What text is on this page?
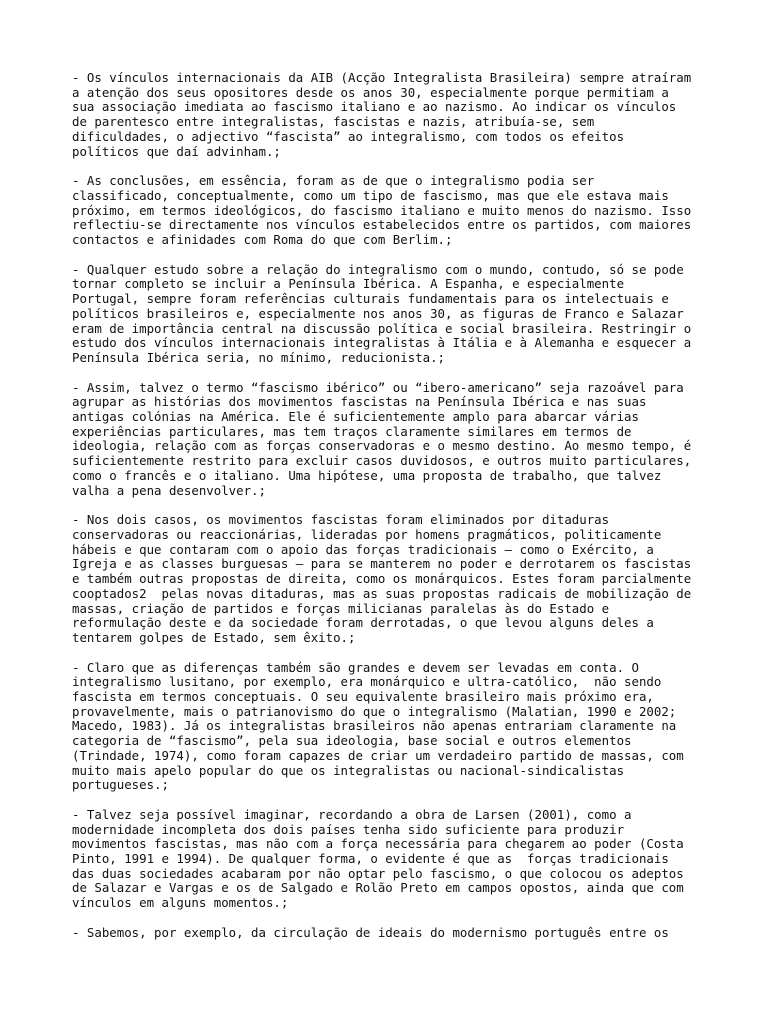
- Os vínculos internacionais da AIB (Acção Integralista Brasileira) sempre atraíram
a atenção dos seus opositores desde os anos 30, especialmente porque permitiam a
sua associação imediata ao fascismo italiano e ao nazismo. Ao indicar os vínculos
de parentesco entre integralistas, fascistas e nazis, atribuía-se, sem
dificuldades, o adjectivo “fascista” ao integralismo, com todos os efeitos
políticos que daí advinham.;

- As conclusões, em essência, foram as de que o integralismo podia ser
classificado, conceptualmente, como um tipo de fascismo, mas que ele estava mais
próximo, em termos ideológicos, do fascismo italiano e muito menos do nazismo. Isso
reflectiu-se directamente nos vínculos estabelecidos entre os partidos, com maiores
contactos e afinidades com Roma do que com Berlim.;

- Qualquer estudo sobre a relação do integralismo com o mundo, contudo, só se pode
tornar completo se incluir a Península Ibérica. A Espanha, e especialmente
Portugal, sempre foram referências culturais fundamentais para os intelectuais e
políticos brasileiros e, especialmente nos anos 30, as figuras de Franco e Salazar
eram de importância central na discussão política e social brasileira. Restringir o
estudo dos vínculos internacionais integralistas à Itália e à Alemanha e esquecer a
Península Ibérica seria, no mínimo, reducionista.;

- Assim, talvez o termo “fascismo ibérico” ou “ibero-americano” seja razoável para
agrupar as histórias dos movimentos fascistas na Península Ibérica e nas suas
antigas colónias na América. Ele é suficientemente amplo para abarcar várias
experiências particulares, mas tem traços claramente similares em termos de
ideologia, relação com as forças conservadoras e o mesmo destino. Ao mesmo tempo, é
suficientemente restrito para excluir casos duvidosos, e outros muito particulares,
como o francês e o italiano. Uma hipótese, uma proposta de trabalho, que talvez
valha a pena desenvolver.;

- Nos dois casos, os movimentos fascistas foram eliminados por ditaduras
conservadoras ou reaccionárias, lideradas por homens pragmáticos, politicamente
hábeis e que contaram com o apoio das forças tradicionais — como o Exército, a
Igreja e as classes burguesas — para se manterem no poder e derrotarem os fascistas
e também outras propostas de direita, como os monárquicos. Estes foram parcialmente
cooptados2  pelas novas ditaduras, mas as suas propostas radicais de mobilização de
massas, criação de partidos e forças milicianas paralelas às do Estado e
reformulação deste e da sociedade foram derrotadas, o que levou alguns deles a
tentarem golpes de Estado, sem êxito.;

- Claro que as diferenças também são grandes e devem ser levadas em conta. O
integralismo lusitano, por exemplo, era monárquico e ultra-católico,  não sendo
fascista em termos conceptuais. O seu equivalente brasileiro mais próximo era,
provavelmente, mais o patrianovismo do que o integralismo (Malatian, 1990 e 2002;
Macedo, 1983). Já os integralistas brasileiros não apenas entrariam claramente na
categoria de “fascismo”, pela sua ideologia, base social e outros elementos
(Trindade, 1974), como foram capazes de criar um verdadeiro partido de massas, com
muito mais apelo popular do que os integralistas ou nacional-sindicalistas
portugueses.;

- Talvez seja possível imaginar, recordando a obra de Larsen (2001), como a
modernidade incompleta dos dois países tenha sido suficiente para produzir
movimentos fascistas, mas não com a força necessária para chegarem ao poder (Costa
Pinto, 1991 e 1994). De qualquer forma, o evidente é que as  forças tradicionais
das duas sociedades acabaram por não optar pelo fascismo, o que colocou os adeptos
de Salazar e Vargas e os de Salgado e Rolão Preto em campos opostos, ainda que com
vínculos em alguns momentos.;

- Sabemos, por exemplo, da circulação de ideais do modernismo português entre os
